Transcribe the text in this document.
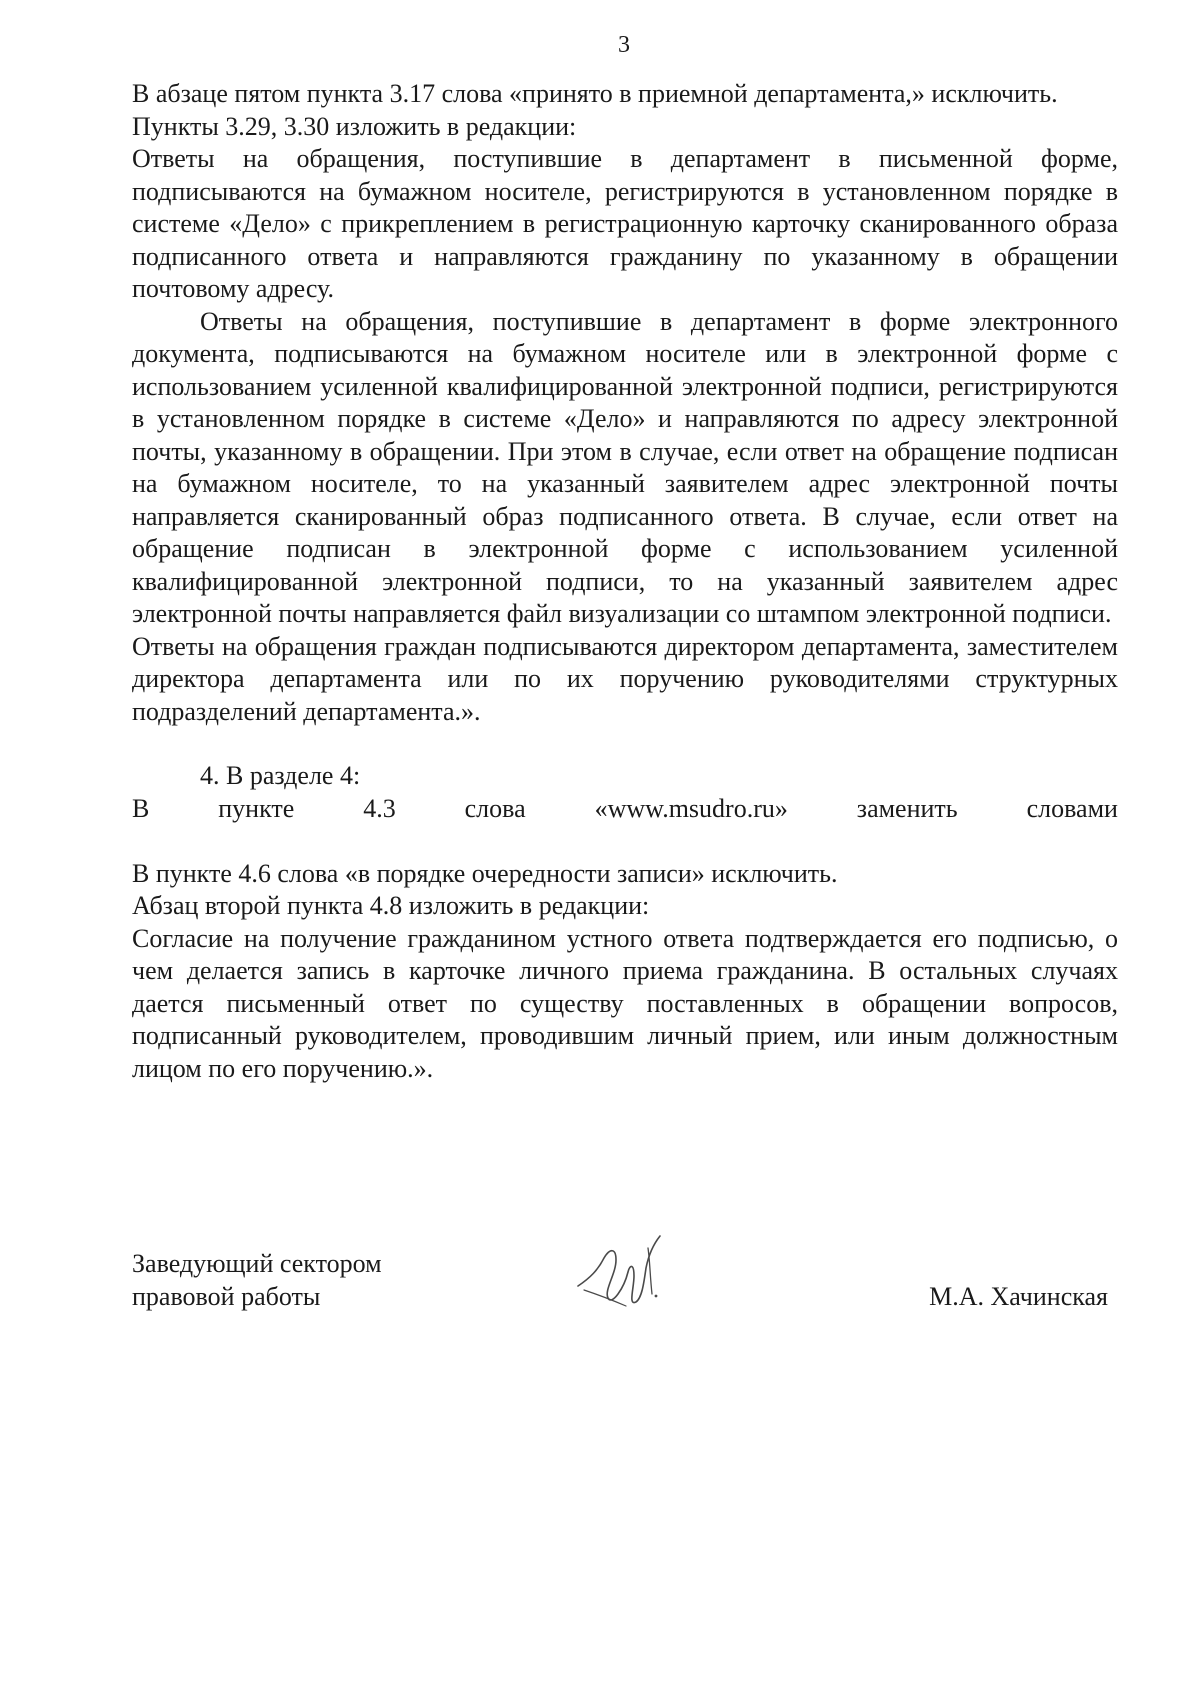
3

В абзаце пятом пункта 3.17 слова «принято в приемной департамента,» исключить.

Пункты 3.29, 3.30 изложить в редакции:

Ответы на обращения, поступившие в департамент в письменной форме, подписываются на бумажном носителе, регистрируются в установленном порядке в системе «Дело» с прикреплением в регистрационную карточку сканированного образа подписанного ответа и направляются гражданину по указанному в обращении почтовому адресу.

Ответы на обращения, поступившие в департамент в форме электронного документа, подписываются на бумажном носителе или в электронной форме с использованием усиленной квалифицированной электронной подписи, регистрируются в установленном порядке в системе «Дело» и направляются по адресу электронной почты, указанному в обращении. При этом в случае, если ответ на обращение подписан на бумажном носителе, то на указанный заявителем адрес электронной почты направляется сканированный образ подписанного ответа. В случае, если ответ на обращение подписан в электронной форме с использованием усиленной квалифицированной электронной подписи, то на указанный заявителем адрес электронной почты направляется файл визуализации со штампом электронной подписи.

Ответы на обращения граждан подписываются директором департамента, заместителем директора департамента или по их поручению руководителями структурных подразделений департамента.».

4. В разделе 4:

В	пункте	4.3	слова	«www.msudro.ru»	заменить	словами

В пункте 4.6 слова «в порядке очередности записи» исключить.

Абзац второй пункта 4.8 изложить в редакции:

Согласие на получение гражданином устного ответа подтверждается его подписью, о чем делается запись в карточке личного приема гражданина. В остальных случаях дается письменный ответ по существу поставленных в обращении вопросов, подписанный руководителем, проводившим личный прием, или иным должностным лицом по его поручению.».

Заведующий сектором
правовой работы	М.А. Хачинская
